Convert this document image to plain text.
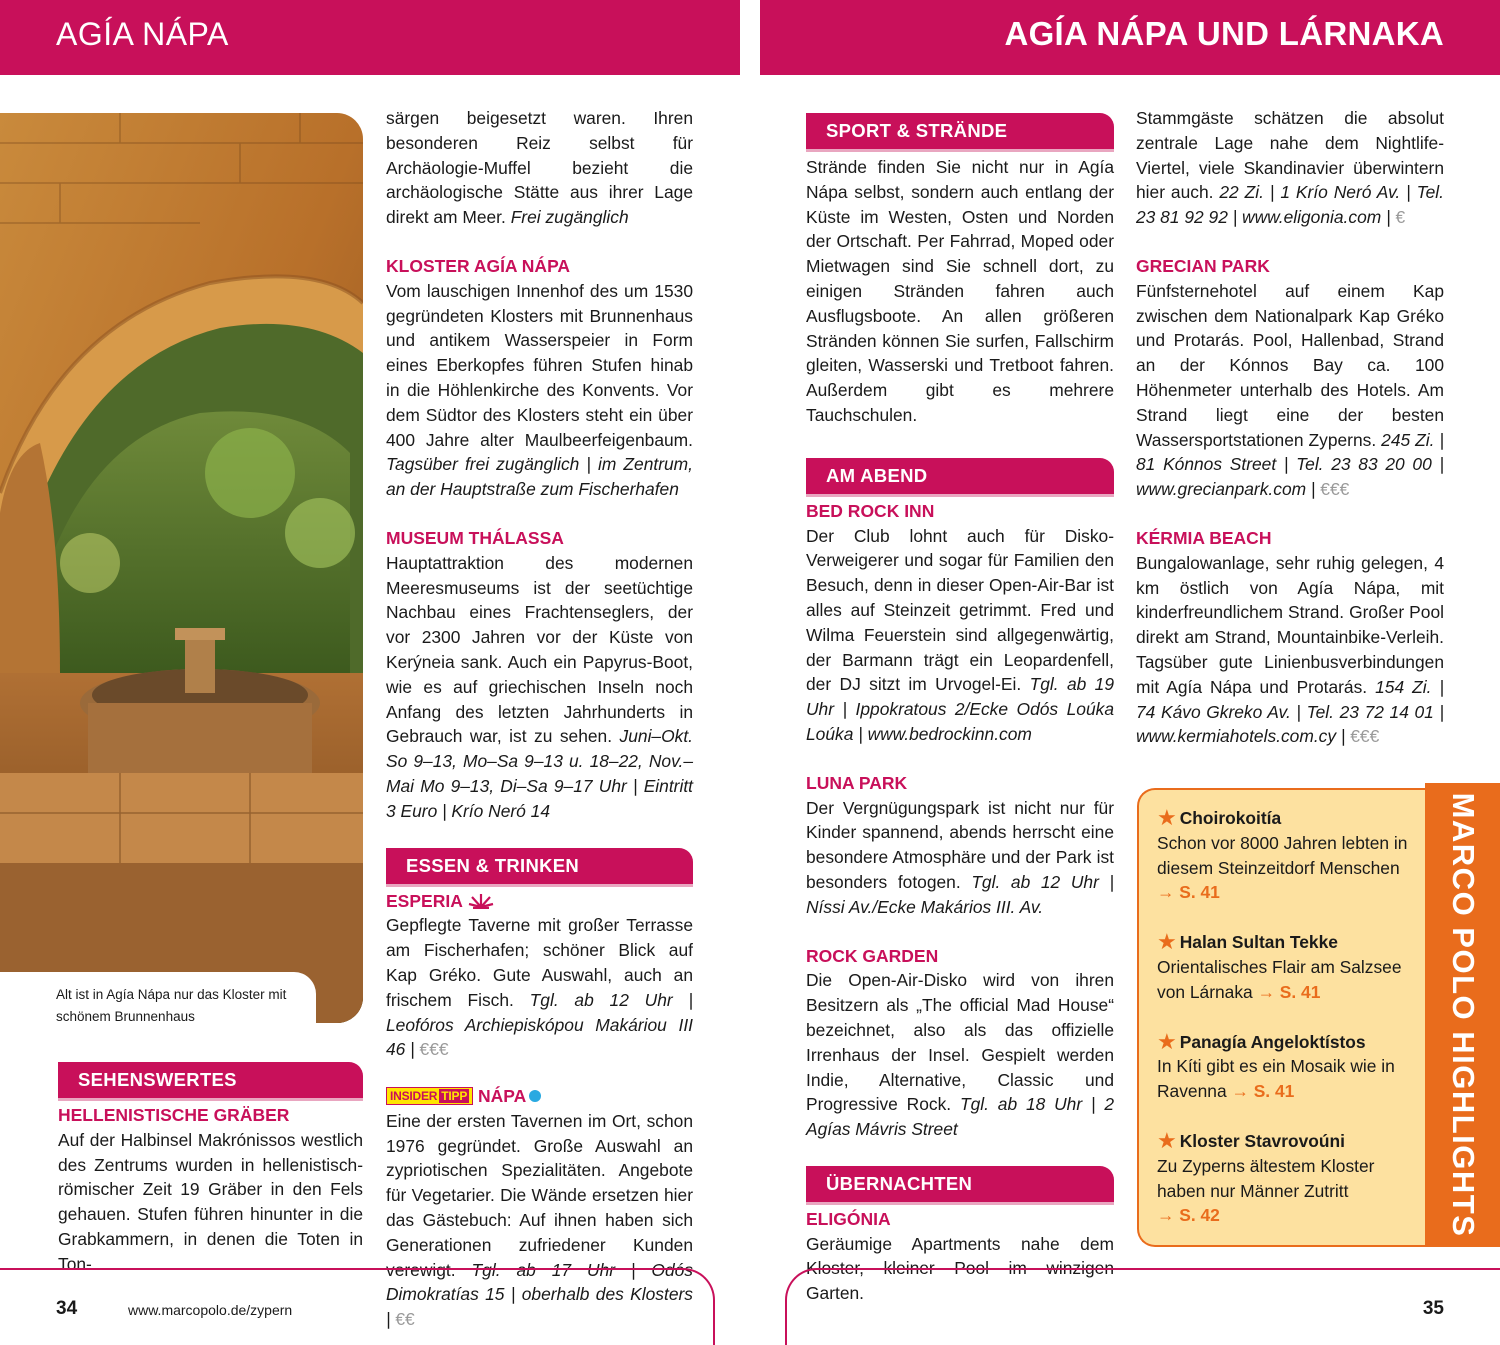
AGÍA NÁPA	AGÍA NÁPA UND LÁRNAKA
Alt ist in Agía Nápa nur das Kloster mit schönem Brunnenhaus
SEHENSWERTES
HELLENISTISCHE GRÄBER

Auf der Halbinsel Makrónissos westlich des Zentrums wurden in hellenistisch-römischer Zeit 19 Gräber in den Fels gehauen. Stufen führen hinunter in die Grabkammern, in denen die Toten in Ton-

särgen beigesetzt waren. Ihren besonderen Reiz selbst für Archäologie-Muffel bezieht die archäologische Stätte aus ihrer Lage direkt am Meer. Frei zugänglich

KLOSTER AGÍA NÁPA

Vom lauschigen Innenhof des um 1530 gegründeten Klosters mit Brunnenhaus und antikem Wasserspeier in Form eines Eberkopfes führen Stufen hinab in die Höhlenkirche des Konvents. Vor dem Südtor des Klosters steht ein über 400 Jahre alter Maulbeerfeigenbaum. Tagsüber frei zugänglich | im Zentrum, an der Hauptstraße zum Fischerhafen

MUSEUM THÁLASSA

Hauptattraktion des modernen Meeresmuseums ist der seetüchtige Nachbau eines Frachtenseglers, der vor 2300 Jahren vor der Küste von Kerýneia sank. Auch ein Papyrus-Boot, wie es auf griechischen Inseln noch Anfang des letzten Jahrhunderts in Gebrauch war, ist zu sehen. Juni–Okt. So 9–13, Mo–Sa 9–13 u. 18–22, Nov.–Mai Mo 9–13, Di–Sa 9–17 Uhr | Eintritt 3 Euro | Krío Neró 14

ESSEN & TRINKEN
ESPERIA

Gepflegte Taverne mit großer Terrasse am Fischerhafen; schöner Blick auf Kap Gréko. Gute Auswahl, auch an frischem Fisch. Tgl. ab 12 Uhr | Leofóros Archiepiskópou Makáriou III 46 | €€€

INSIDER TIPP NÁPA

Eine der ersten Tavernen im Ort, schon 1976 gegründet. Große Auswahl an zypriotischen Spezialitäten. Angebote für Vegetarier. Die Wände ersetzen hier das Gästebuch: Auf ihnen haben sich Generationen zufriedener Kunden verewigt. Tgl. ab 17 Uhr | Odós Dimokratías 15 | oberhalb des Klosters | €€

SPORT & STRÄNDE

Strände finden Sie nicht nur in Agía Nápa selbst, sondern auch entlang der Küste im Westen, Osten und Norden der Ortschaft. Per Fahrrad, Moped oder Mietwagen sind Sie schnell dort, zu einigen Stränden fahren auch Ausflugsboote. An allen größeren Stränden können Sie surfen, Fallschirm gleiten, Wasserski und Tretboot fahren. Außerdem gibt es mehrere Tauchschulen.

AM ABEND
BED ROCK INN

Der Club lohnt auch für Disko-Verweigerer und sogar für Familien den Besuch, denn in dieser Open-Air-Bar ist alles auf Steinzeit getrimmt. Fred und Wilma Feuerstein sind allgegenwärtig, der Barmann trägt ein Leopardenfell, der DJ sitzt im Urvogel-Ei. Tgl. ab 19 Uhr | Ippokratous 2/Ecke Odós Loúka Loúka | www.bedrockinn.com

LUNA PARK

Der Vergnügungspark ist nicht nur für Kinder spannend, abends herrscht eine besondere Atmosphäre und der Park ist besonders fotogen. Tgl. ab 12 Uhr | Níssi Av./Ecke Makários III. Av.

ROCK GARDEN

Die Open-Air-Disko wird von ihren Besitzern als „The official Mad House“ bezeichnet, also als das offizielle Irrenhaus der Insel. Gespielt werden Indie, Alternative, Classic und Progressive Rock. Tgl. ab 18 Uhr | 2 Agías Mávris Street

ÜBERNACHTEN
ELIGÓNIA

Geräumige Apartments nahe dem Kloster, kleiner Pool im winzigen Garten.

Stammgäste schätzen die absolut zentrale Lage nahe dem Nightlife-Viertel, viele Skandinavier überwintern hier auch. 22 Zi. | 1 Krío Neró Av. | Tel. 23 81 92 92 | www.eligonia.com | €

GRECIAN PARK

Fünfsternehotel auf einem Kap zwischen dem Nationalpark Kap Gréko und Protarás. Pool, Hallenbad, Strand an der Kónnos Bay ca. 100 Höhenmeter unterhalb des Hotels. Am Strand liegt eine der besten Wassersportstationen Zyperns. 245 Zi. | 81 Kónnos Street | Tel. 23 83 20 00 | www.grecianpark.com | €€€

KÉRMIA BEACH

Bungalowanlage, sehr ruhig gelegen, 4 km östlich von Agía Nápa, mit kinderfreundlichem Strand. Großer Pool direkt am Strand, Mountainbike-Verleih. Tagsüber gute Linienbusverbindungen mit Agía Nápa und Protarás. 154 Zi. | 74 Kávo Gkreko Av. | Tel. 23 72 14 01 | www.kermiahotels.com.cy | €€€

★ Choirokoitía
Schon vor 8000 Jahren lebten in diesem Steinzeitdorf Menschen
→ S. 41
★ Halan Sultan Tekke
Orientalisches Flair am Salzsee von Lárnaka → S. 41
★ Panagía Angeloktístos
In Kíti gibt es ein Mosaik wie in Ravenna → S. 41
★ Kloster Stavrovoúni
Zu Zyperns ältestem Kloster haben nur Männer Zutritt
→ S. 42	MARCO POLO HIGHLIGHTS
34	www.marcopolo.de/zypern	35
